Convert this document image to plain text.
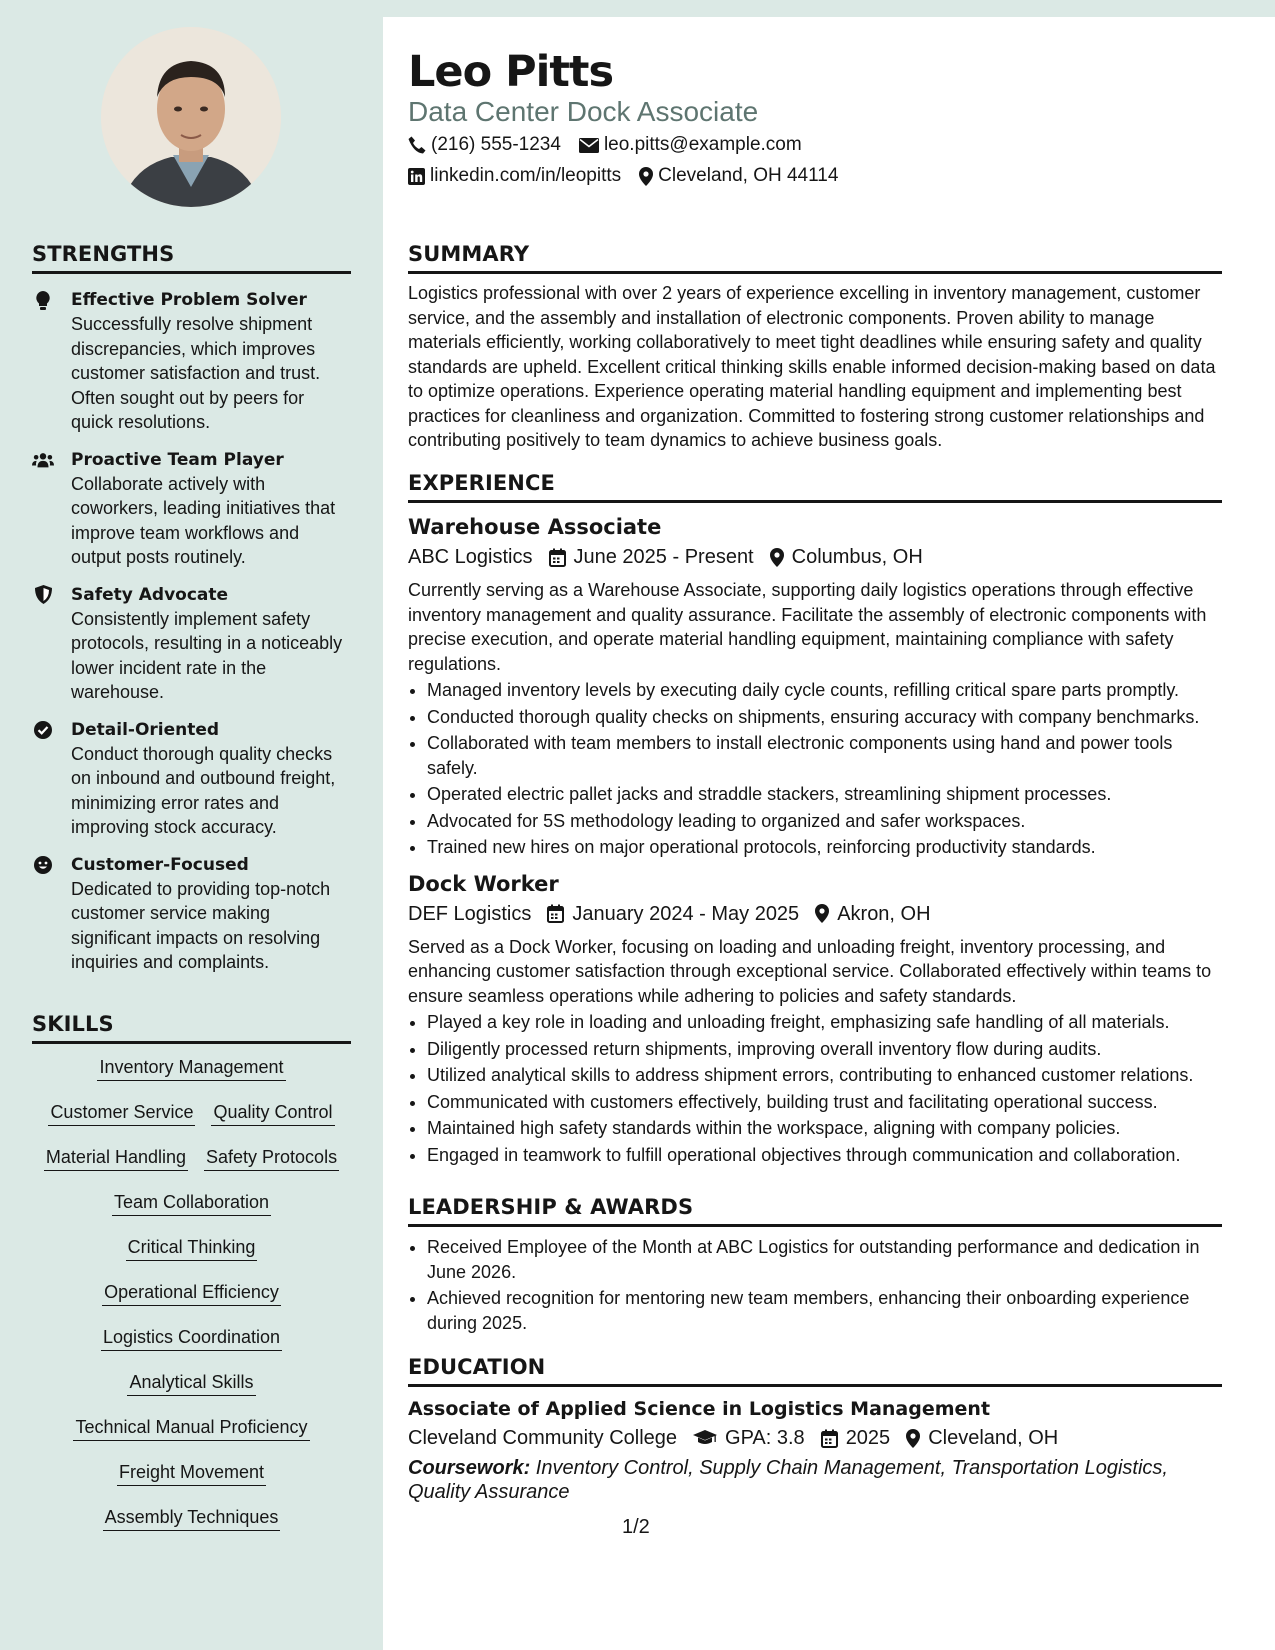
STRENGTHS
Effective Problem Solver
Successfully resolve shipment discrepancies, which improves customer satisfaction and trust. Often sought out by peers for quick resolutions.
Proactive Team Player
Collaborate actively with coworkers, leading initiatives that improve team workflows and output posts routinely.
Safety Advocate
Consistently implement safety protocols, resulting in a noticeably lower incident rate in the warehouse.
Detail-Oriented
Conduct thorough quality checks on inbound and outbound freight, minimizing error rates and improving stock accuracy.
Customer-Focused
Dedicated to providing top-notch customer service making significant impacts on resolving inquiries and complaints.
SKILLS
Inventory Management
Customer Service Quality Control
Material Handling Safety Protocols
Team Collaboration
Critical Thinking
Operational Efficiency
Logistics Coordination
Analytical Skills
Technical Manual Proficiency
Freight Movement
Assembly Techniques
Leo Pitts
Data Center Dock Associate
(216) 555-1234 leo.pitts@example.com
linkedin.com/in/leopitts Cleveland, OH 44114
SUMMARY
Logistics professional with over 2 years of experience excelling in inventory management, customer service, and the assembly and installation of electronic components. Proven ability to manage materials efficiently, working collaboratively to meet tight deadlines while ensuring safety and quality standards are upheld. Excellent critical thinking skills enable informed decision-making based on data to optimize operations. Experience operating material handling equipment and implementing best practices for cleanliness and organization. Committed to fostering strong customer relationships and contributing positively to team dynamics to achieve business goals.
EXPERIENCE
Warehouse Associate
ABC Logistics June 2025 - Present Columbus, OH
Currently serving as a Warehouse Associate, supporting daily logistics operations through effective inventory management and quality assurance. Facilitate the assembly of electronic components with precise execution, and operate material handling equipment, maintaining compliance with safety regulations.
• Managed inventory levels by executing daily cycle counts, refilling critical spare parts promptly.
• Conducted thorough quality checks on shipments, ensuring accuracy with company benchmarks.
• Collaborated with team members to install electronic components using hand and power tools safely.
• Operated electric pallet jacks and straddle stackers, streamlining shipment processes.
• Advocated for 5S methodology leading to organized and safer workspaces.
• Trained new hires on major operational protocols, reinforcing productivity standards.
Dock Worker
DEF Logistics January 2024 - May 2025 Akron, OH
Served as a Dock Worker, focusing on loading and unloading freight, inventory processing, and enhancing customer satisfaction through exceptional service. Collaborated effectively within teams to ensure seamless operations while adhering to policies and safety standards.
• Played a key role in loading and unloading freight, emphasizing safe handling of all materials.
• Diligently processed return shipments, improving overall inventory flow during audits.
• Utilized analytical skills to address shipment errors, contributing to enhanced customer relations.
• Communicated with customers effectively, building trust and facilitating operational success.
• Maintained high safety standards within the workspace, aligning with company policies.
• Engaged in teamwork to fulfill operational objectives through communication and collaboration.
LEADERSHIP & AWARDS
• Received Employee of the Month at ABC Logistics for outstanding performance and dedication in June 2026.
• Achieved recognition for mentoring new team members, enhancing their onboarding experience during 2025.
EDUCATION
Associate of Applied Science in Logistics Management
Cleveland Community College GPA: 3.8 2025 Cleveland, OH
Coursework: Inventory Control, Supply Chain Management, Transportation Logistics, Quality Assurance
1/2
